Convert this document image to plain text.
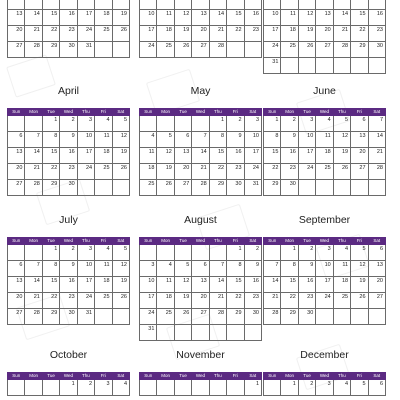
13	14	15	16	17	18	19

20	21	22	23	24	25	26

27	28	29	30	31		

10	11	12	13	14	15	16

17	18	19	20	21	22	23

24	25	26	27	28		

10	11	12	13	14	15	16

17	18	19	20	21	22	23

24	25	26	27	28	29	30

31						

April
Sun	Mon	Tue	Wed	Thu	Fri	Sat

		1	2	3	4	5

6	7	8	9	10	11	12

13	14	15	16	17	18	19

20	21	22	23	24	25	26

27	28	29	30			

May
Sun	Mon	Tue	Wed	Thu	Fri	Sat

				1	2	3

4	5	6	7	8	9	10

11	12	13	14	15	16	17

18	19	20	21	22	23	24

25	26	27	28	29	30	31
June
Sun	Mon	Tue	Wed	Thu	Fri	Sat

1	2	3	4	5	6	7

8	9	10	11	12	13	14

15	16	17	18	19	20	21

22	23	24	25	26	27	28

29	30					

July
Sun	Mon	Tue	Wed	Thu	Fri	Sat

		1	2	3	4	5

6	7	8	9	10	11	12

13	14	15	16	17	18	19

20	21	22	23	24	25	26

27	28	29	30	31		

August
Sun	Mon	Tue	Wed	Thu	Fri	Sat

					1	2

3	4	5	6	7	8	9

10	11	12	13	14	15	16

17	18	19	20	21	22	23

24	25	26	27	28	29	30

31						

September
Sun	Mon	Tue	Wed	Thu	Fri	Sat

	1	2	3	4	5	6

7	8	9	10	11	12	13

14	15	16	17	18	19	20

21	22	23	24	25	26	27

28	29	30				

October
Sun	Mon	Tue	Wed	Thu	Fri	Sat

			1	2	3	4
November
Sun	Mon	Tue	Wed	Thu	Fri	Sat

						1
December
Sun	Mon	Tue	Wed	Thu	Fri	Sat

	1	2	3	4	5	6
